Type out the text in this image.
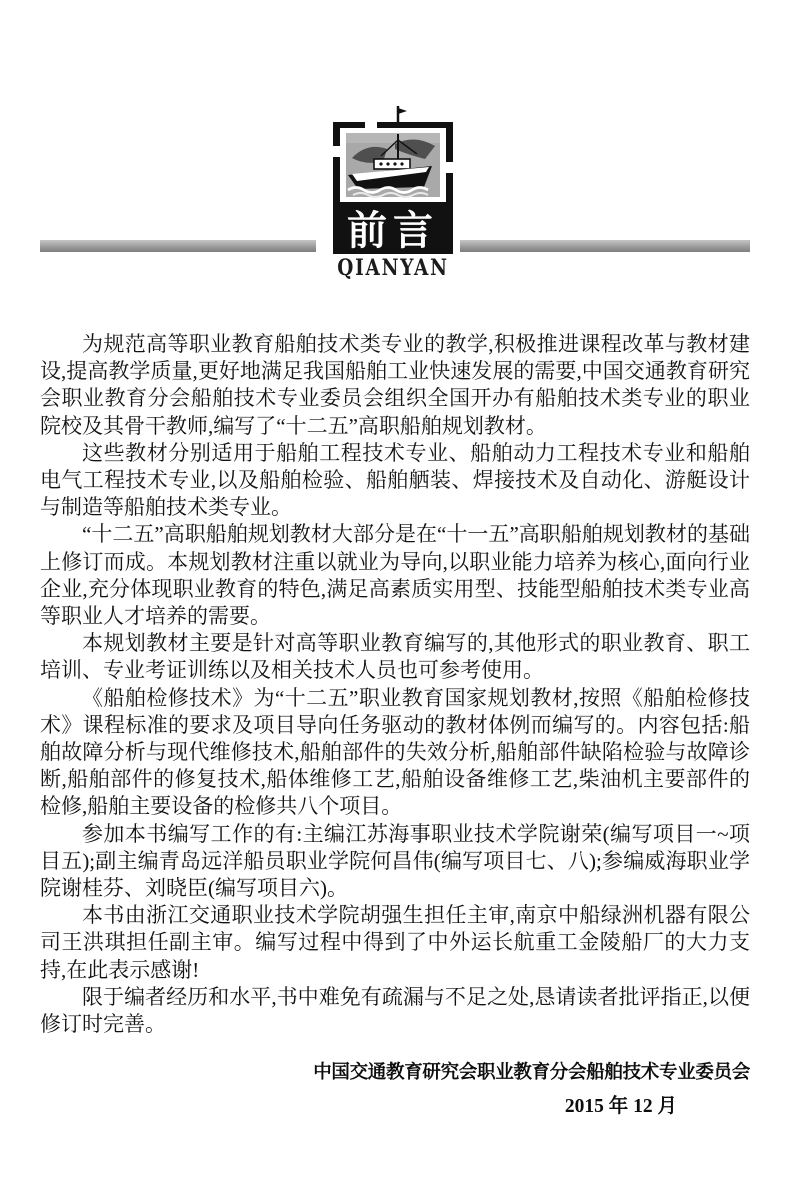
前言
QIANYAN

为规范高等职业教育船舶技术类专业的教学,积极推进课程改革与教材建设,提高教学质量,更好地满足我国船舶工业快速发展的需要,中国交通教育研究会职业教育分会船舶技术专业委员会组织全国开办有船舶技术类专业的职业院校及其骨干教师,编写了“十二五”高职船舶规划教材。

这些教材分别适用于船舶工程技术专业、船舶动力工程技术专业和船舶电气工程技术专业,以及船舶检验、船舶舾装、焊接技术及自动化、游艇设计与制造等船舶技术类专业。

“十二五”高职船舶规划教材大部分是在“十一五”高职船舶规划教材的基础上修订而成。本规划教材注重以就业为导向,以职业能力培养为核心,面向行业企业,充分体现职业教育的特色,满足高素质实用型、技能型船舶技术类专业高等职业人才培养的需要。

本规划教材主要是针对高等职业教育编写的,其他形式的职业教育、职工培训、专业考证训练以及相关技术人员也可参考使用。

《船舶检修技术》为“十二五”职业教育国家规划教材,按照《船舶检修技术》课程标准的要求及项目导向任务驱动的教材体例而编写的。内容包括:船舶故障分析与现代维修技术,船舶部件的失效分析,船舶部件缺陷检验与故障诊断,船舶部件的修复技术,船体维修工艺,船舶设备维修工艺,柴油机主要部件的检修,船舶主要设备的检修共八个项目。

参加本书编写工作的有:主编江苏海事职业技术学院谢荣(编写项目一~项目五);副主编青岛远洋船员职业学院何昌伟(编写项目七、八);参编威海职业学院谢桂芬、刘晓臣(编写项目六)。

本书由浙江交通职业技术学院胡强生担任主审,南京中船绿洲机器有限公司王洪琪担任副主审。编写过程中得到了中外运长航重工金陵船厂的大力支持,在此表示感谢!

限于编者经历和水平,书中难免有疏漏与不足之处,恳请读者批评指正,以便修订时完善。

中国交通教育研究会职业教育分会船舶技术专业委员会
2015 年 12 月
